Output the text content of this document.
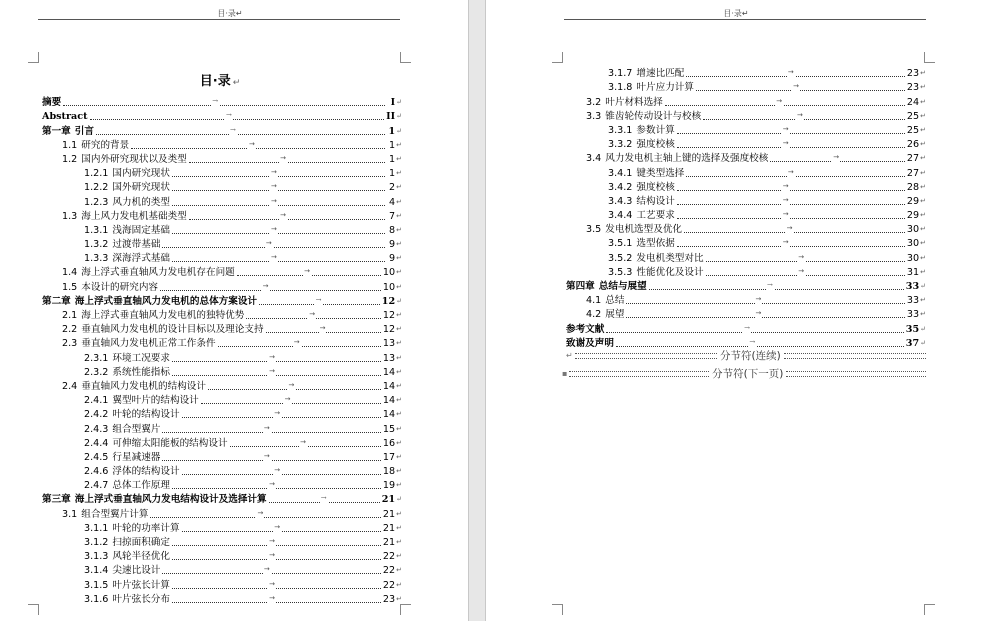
目·录↵
目·录 ↵
摘要	→	I ↵
Abstract	→	II ↵
第一章 引言	→	1 ↵
1.1 研究的背景	→	1 ↵
1.2 国内外研究现状以及类型	→	1 ↵
1.2.1 国内研究现状	→	1 ↵
1.2.2 国外研究现状	→	2 ↵
1.2.3 风力机的类型	→	4 ↵
1.3 海上风力发电机基础类型	→	7 ↵
1.3.1 浅海固定基础	→	8 ↵
1.3.2 过渡带基础	→	9 ↵
1.3.3 深海浮式基础	→	9 ↵
1.4 海上浮式垂直轴风力发电机存在问题	→	10 ↵
1.5 本设计的研究内容	→	10 ↵
第二章 海上浮式垂直轴风力发电机的总体方案设计	→	12 ↵
2.1 海上浮式垂直轴风力发电机的独特优势	→	12 ↵
2.2 垂直轴风力发电机的设计目标以及理论支持	→	12 ↵
2.3 垂直轴风力发电机正常工作条件	→	13 ↵
2.3.1 环境工况要求	→	13 ↵
2.3.2 系统性能指标	→	14 ↵
2.4 垂直轴风力发电机的结构设计	→	14 ↵
2.4.1 翼型叶片的结构设计	→	14 ↵
2.4.2 叶轮的结构设计	→	14 ↵
2.4.3 组合型翼片	→	15 ↵
2.4.4 可伸缩太阳能板的结构设计	→	16 ↵
2.4.5 行星减速器	→	17 ↵
2.4.6 浮体的结构设计	→	18 ↵
2.4.7 总体工作原理	→	19 ↵
第三章 海上浮式垂直轴风力发电结构设计及选择计算	→	21 ↵
3.1 组合型翼片计算	→	21 ↵
3.1.1 叶轮的功率计算	→	21 ↵
3.1.2 扫掠面积确定	→	21 ↵
3.1.3 风轮半径优化	→	22 ↵
3.1.4 尖速比设计	→	22 ↵
3.1.5 叶片弦长计算	→	22 ↵
3.1.6 叶片弦长分布	→	23 ↵
目·录↵
3.1.7 增速比匹配	→	23 ↵
3.1.8 叶片应力计算	→	23 ↵
3.2 叶片材料选择	→	24 ↵
3.3 锥齿轮传动设计与校核	→	25 ↵
3.3.1 参数计算	→	25 ↵
3.3.2 强度校核	→	26 ↵
3.4 风力发电机主轴上键的选择及强度校核	→	27 ↵
3.4.1 键类型选择	→	27 ↵
3.4.2 强度校核	→	28 ↵
3.4.3 结构设计	→	29 ↵
3.4.4 工艺要求	→	29 ↵
3.5 发电机选型及优化	→	30 ↵
3.5.1 选型依据	→	30 ↵
3.5.2 发电机类型对比	→	30 ↵
3.5.3 性能优化及设计	→	31 ↵
第四章 总结与展望	→	33 ↵
4.1 总结	→	33 ↵
4.2 展望	→	33 ↵
参考文献	→	35 ↵
致谢及声明	→	37 ↵
↵	分节符(连续)
▪	分节符(下一页)
